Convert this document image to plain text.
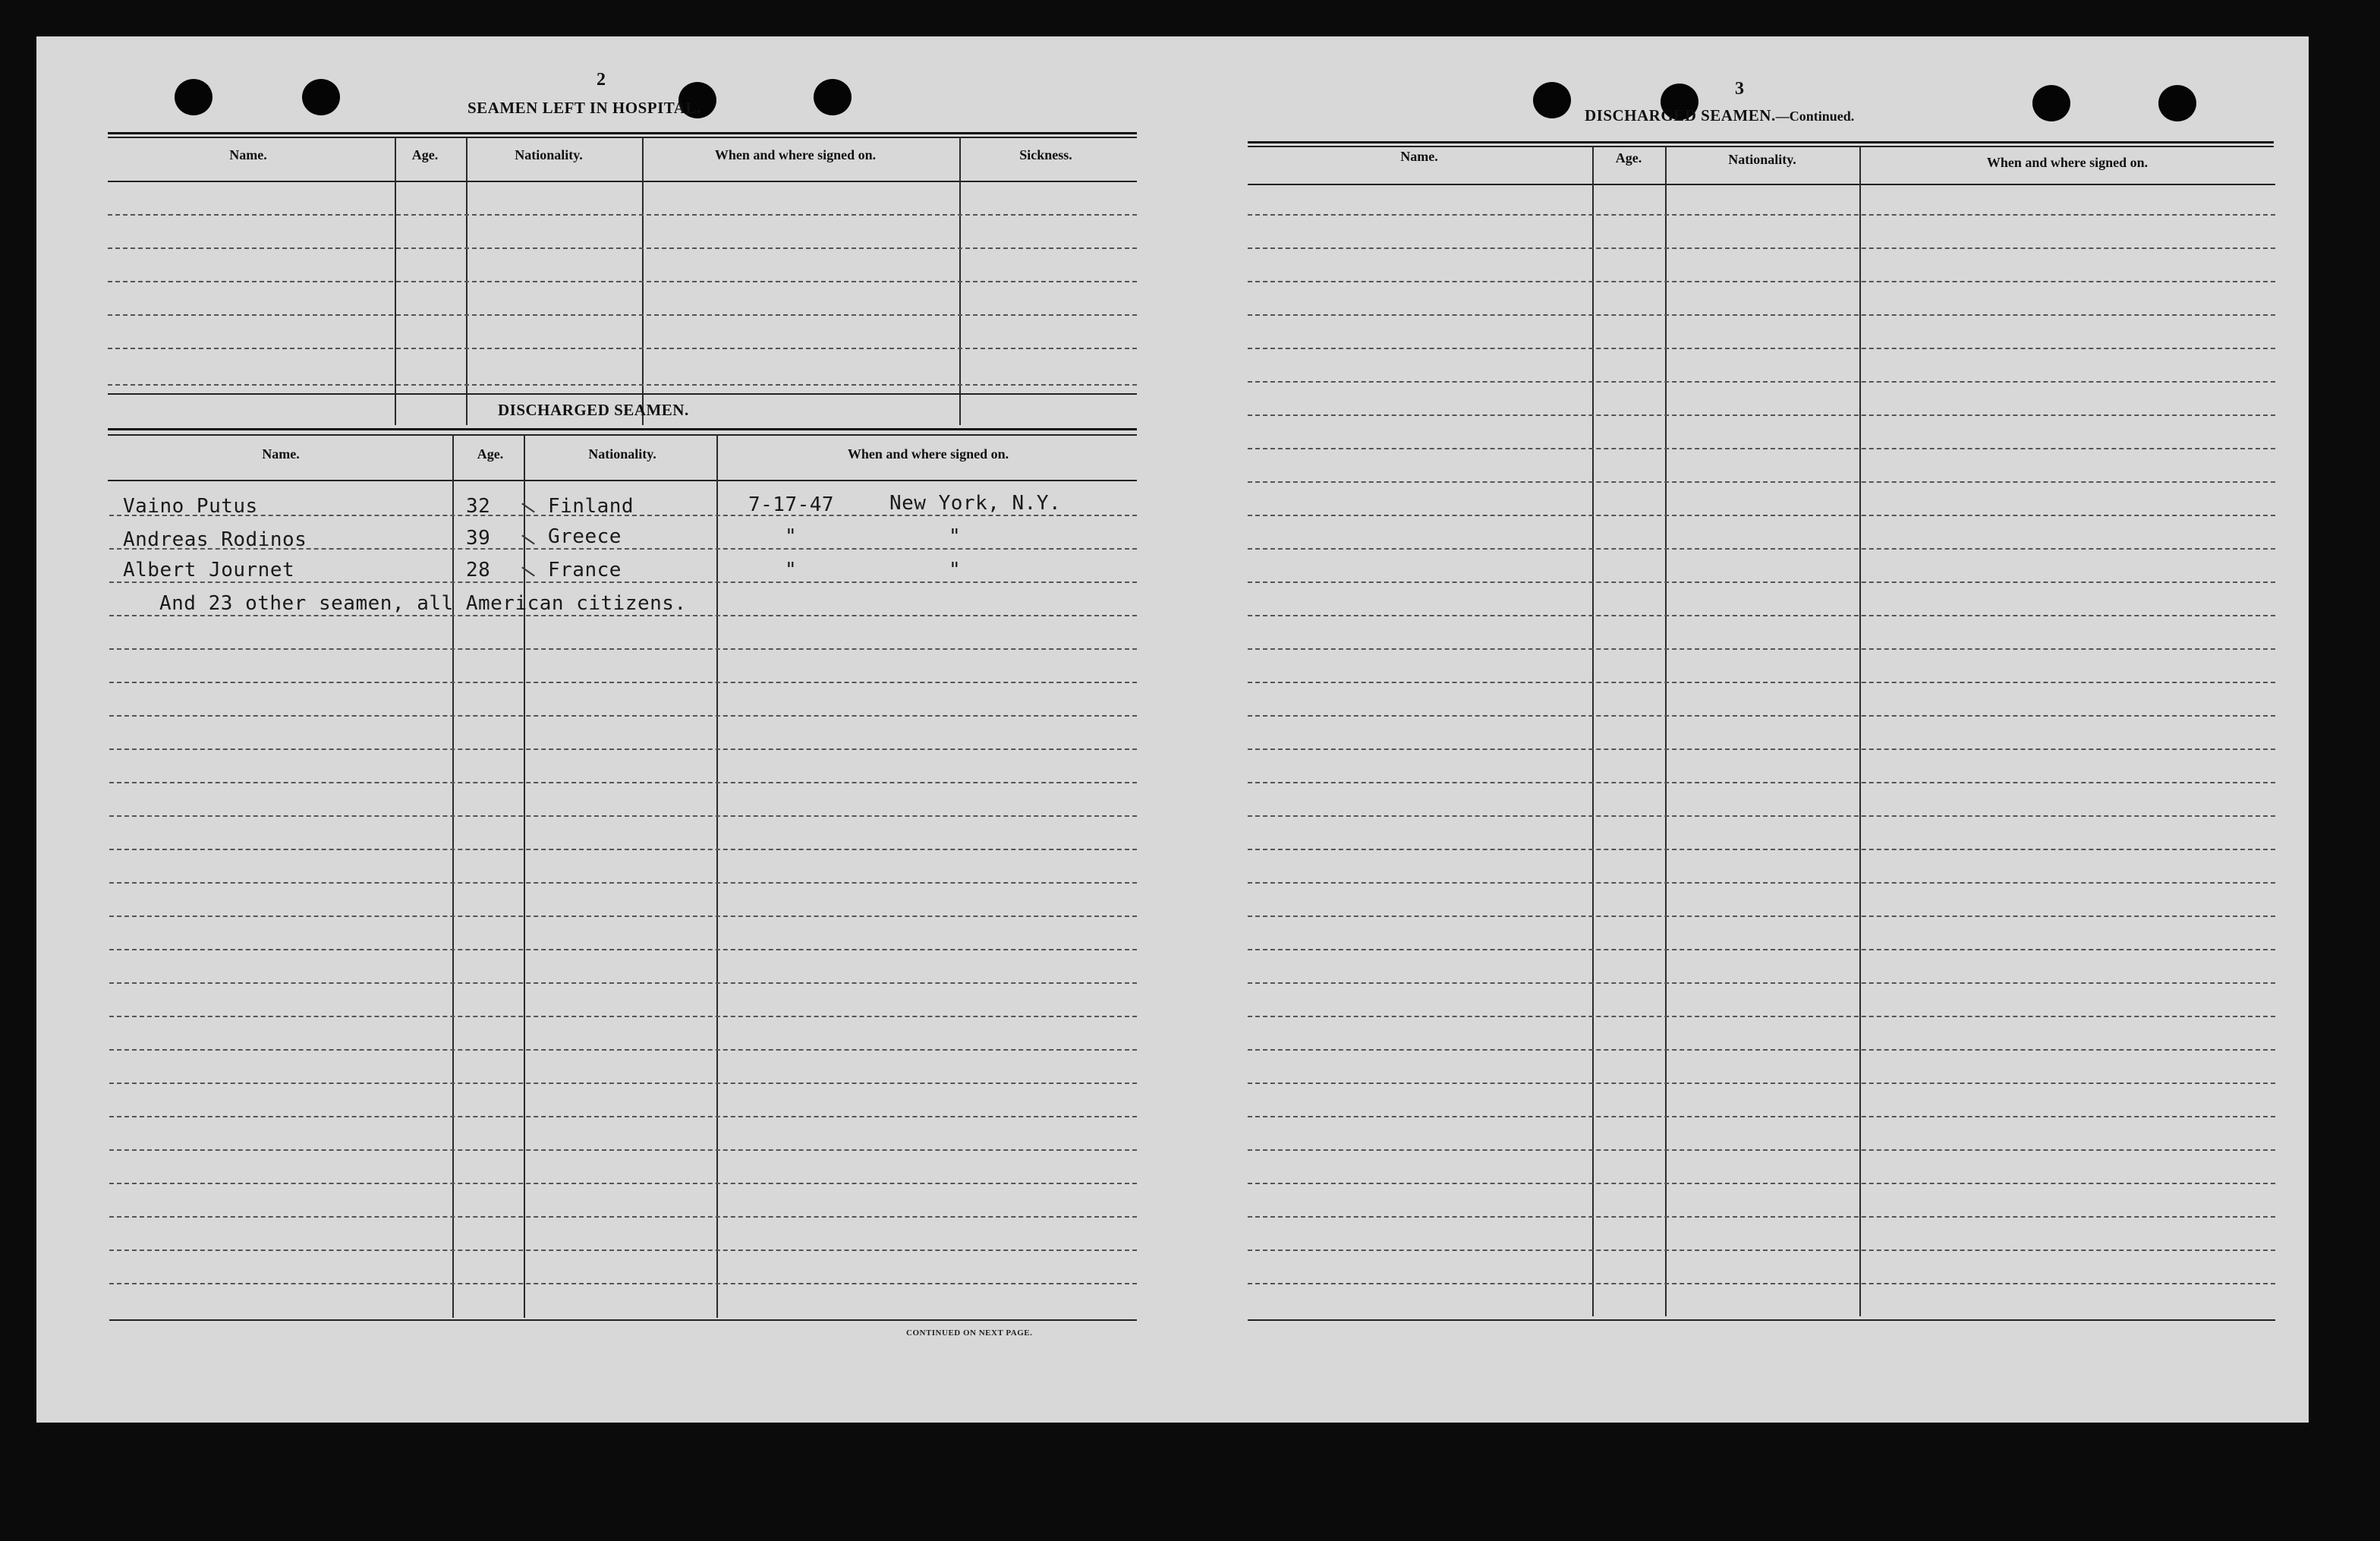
2
SEAMEN LEFT IN HOSPITAL.
Name.	Age.	Nationality.	When and where signed on.	Sickness.
DISCHARGED SEAMEN.
Name.	Age.	Nationality.	When and where signed on.
Vaino Putus	32	Finland	7-17-47	New York, N.Y.
Andreas Rodinos	39	Greece	"	"
Albert Journet	28	France	"	"
And 23 other seamen, all American citizens.
CONTINUED ON NEXT PAGE.
3
DISCHARGED SEAMEN.—Continued.
Name.	Age.	Nationality.	When and where signed on.
